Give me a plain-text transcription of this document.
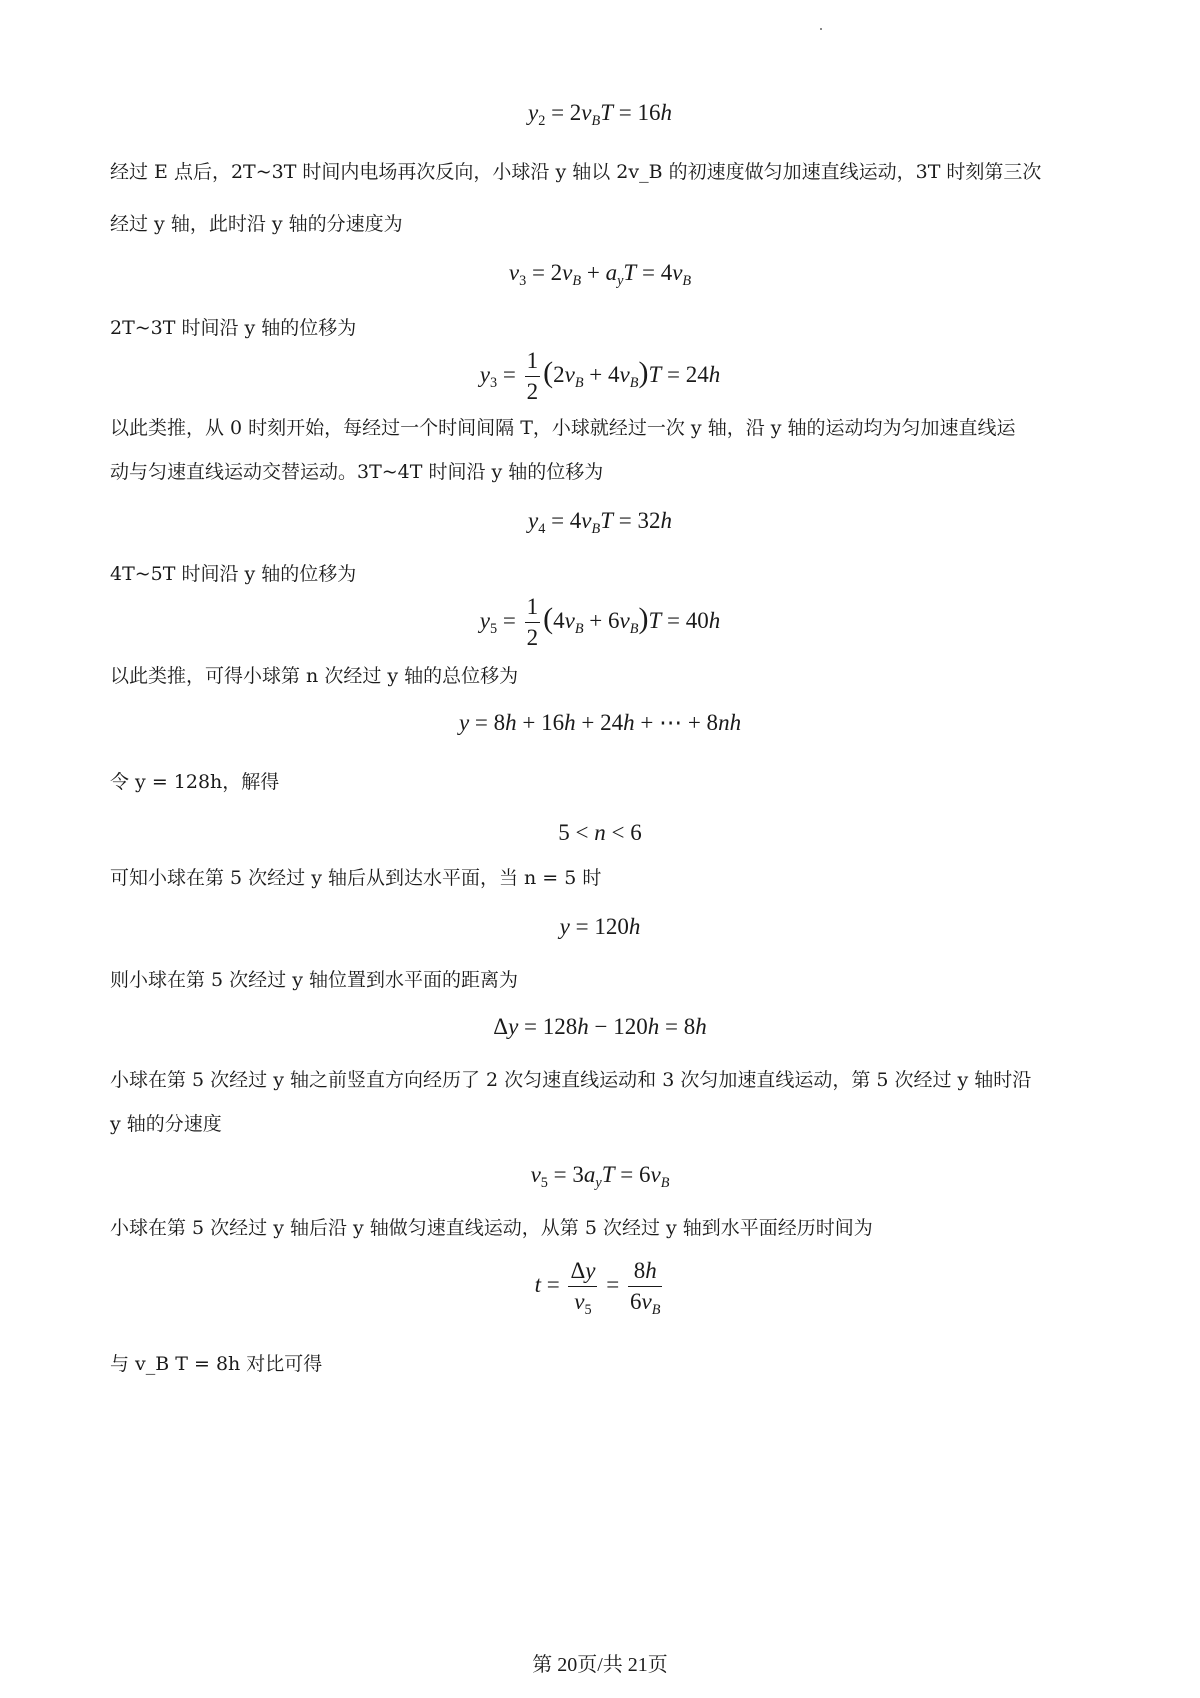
$y_2 = 2v_BT = 16h$
经过 E 点后，2T~3T 时间内电场再次反向，小球沿 y 轴以 2v_B 的初速度做匀加速直线运动，3T 时刻第三次
经过 y 轴，此时沿 y 轴的分速度为
$v_3 = 2v_B + a_yT = 4v_B$
2T~3T 时间沿 y 轴的位移为
$y_3 = \frac{1}{2} (2v_B + 4v_B)T = 24h$
以此类推，从 0 时刻开始，每经过一个时间间隔 T，小球就经过一次 y 轴，沿 y 轴的运动均为匀加速直线运
动与匀速直线运动交替运动。3T~4T 时间沿 y 轴的位移为
$y_4 = 4v_BT = 32h$
4T~5T 时间沿 y 轴的位移为
$y_5 = \frac{1}{2} (4v_B + 6v_B)T = 40h$
以此类推，可得小球第 n 次经过 y 轴的总位移为
y = 8h + 16h + 24h + ⋯ + 8nh
令 y = 128h，解得
5 < n < 6
可知小球在第 5 次经过 y 轴后从到达水平面，当 n = 5 时
y = 120h
则小球在第 5 次经过 y 轴位置到水平面的距离为
Δy = 128h − 120h = 8h
小球在第 5 次经过 y 轴之前竖直方向经历了 2 次匀速直线运动和 3 次匀加速直线运动，第 5 次经过 y 轴时沿
y 轴的分速度
$v_5 = 3a_yT = 6v_B$
小球在第 5 次经过 y 轴后沿 y 轴做匀速直线运动，从第 5 次经过 y 轴到水平面经历时间为
$t = \frac{\Delta y}{v_5} = \frac{8h}{6v_B}$
与 v_B T = 8h 对比可得
第 20页/共 21页
